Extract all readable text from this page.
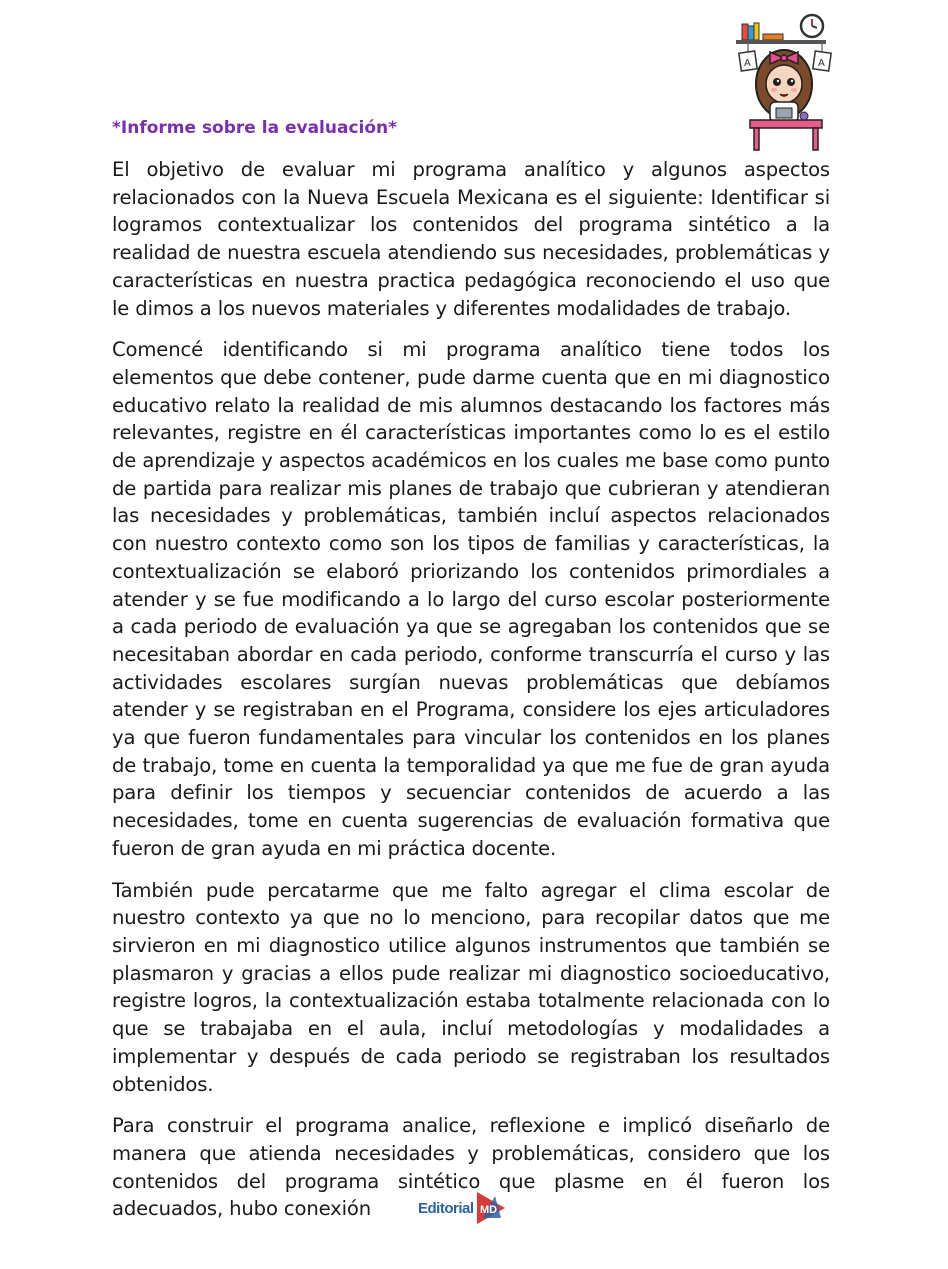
A	A
*Informe sobre la evaluación*

El objetivo de evaluar mi programa analítico y algunos aspectos relacionados con la Nueva Escuela Mexicana es el siguiente: Identificar si logramos contextualizar los contenidos del programa sintético a la realidad de nuestra escuela atendiendo sus necesidades, problemáticas y características en nuestra practica pedagógica reconociendo el uso que le dimos a los nuevos materiales y diferentes modalidades de trabajo.

Comencé identificando si mi programa analítico tiene todos los elementos que debe contener, pude darme cuenta que en mi diagnostico educativo relato la realidad de mis alumnos destacando los factores más relevantes, registre en él características importantes como lo es el estilo de aprendizaje y aspectos académicos en los cuales me base como punto de partida para realizar mis planes de trabajo que cubrieran y atendieran las necesidades y problemáticas, también incluí aspectos relacionados con nuestro contexto como son los tipos de familias y características, la contextualización se elaboró priorizando los contenidos primordiales a atender y se fue modificando a lo largo del curso escolar posteriormente a cada periodo de evaluación ya que se agregaban los contenidos que se necesitaban abordar en cada periodo, conforme transcurría el curso y las actividades escolares surgían nuevas problemáticas que debíamos atender y se registraban en el Programa, considere los ejes articuladores ya que fueron fundamentales para vincular los contenidos en los planes de trabajo, tome en cuenta la temporalidad ya que me fue de gran ayuda para definir los tiempos y secuenciar contenidos de acuerdo a las necesidades, tome en cuenta sugerencias de evaluación formativa que fueron de gran ayuda en mi práctica docente.

También pude percatarme que me falto agregar el clima escolar de nuestro contexto ya que no lo menciono, para recopilar datos que me sirvieron en mi diagnostico utilice algunos instrumentos que también se plasmaron y gracias a ellos pude realizar mi diagnostico socioeducativo, registre logros, la contextualización estaba totalmente relacionada con lo que se trabajaba en el aula, incluí metodologías y modalidades a implementar y después de cada periodo se registraban los resultados obtenidos.

Para construir el programa analice, reflexione e implicó diseñarlo de manera que atienda necesidades y problemáticas, considero que los contenidos del programa sintético que plasme en él fueron los adecuados, hubo conexión	Editorial MD
